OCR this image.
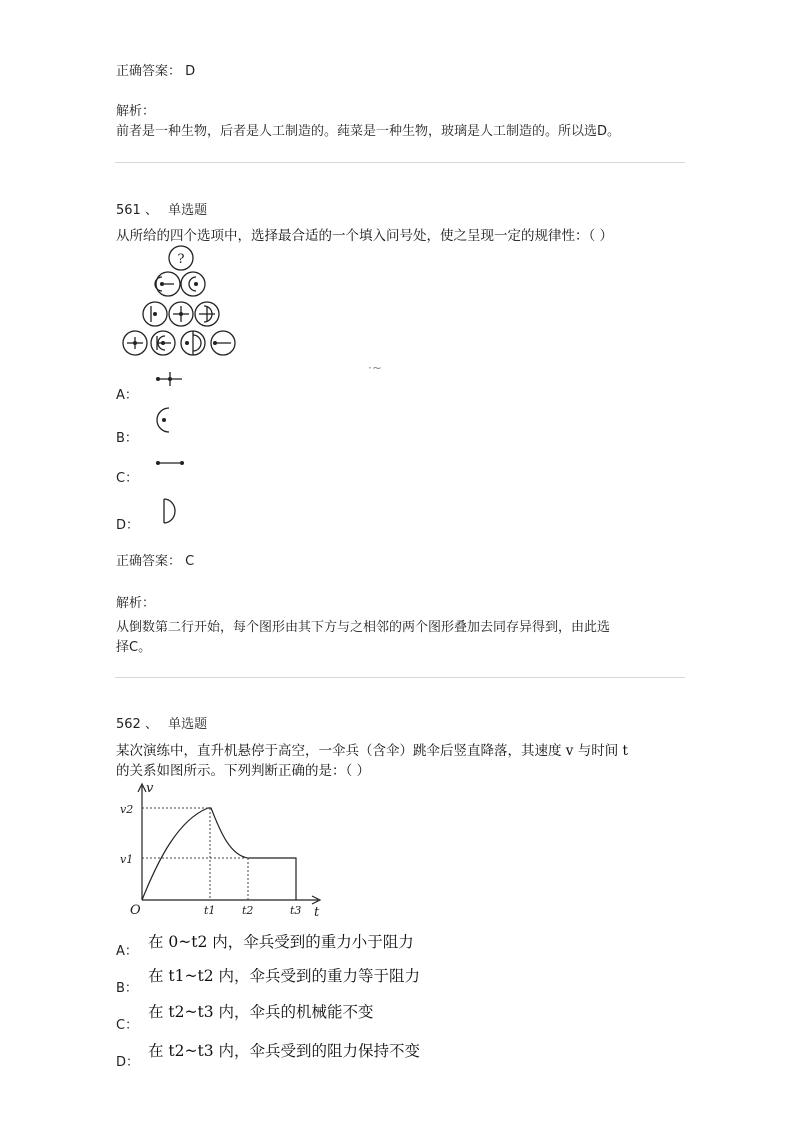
正确答案： D
解析：
前者是一种生物，后者是人工制造的。莼菜是一种生物，玻璃是人工制造的。所以选D。
561 、 单选题
从所给的四个选项中，选择最合适的一个填入问号处，使之呈现一定的规律性：（ ）
?
·~
A：
B：
C：
D：
正确答案： C
解析：
从倒数第二行开始，每个图形由其下方与之相邻的两个图形叠加去同存异得到，由此选
择C。
562 、 单选题
某次演练中，直升机悬停于高空，一伞兵（含伞）跳伞后竖直降落，其速度 v 与时间 t
的关系如图所示。下列判断正确的是：（ ）
v
t
O
v2
v1
t1 t2	t3
A：
在 0~t2 内，伞兵受到的重力小于阻力
B：
在 t1~t2 内，伞兵受到的重力等于阻力
C：
在 t2~t3 内，伞兵的机械能不变
D：
在 t2~t3 内，伞兵受到的阻力保持不变
